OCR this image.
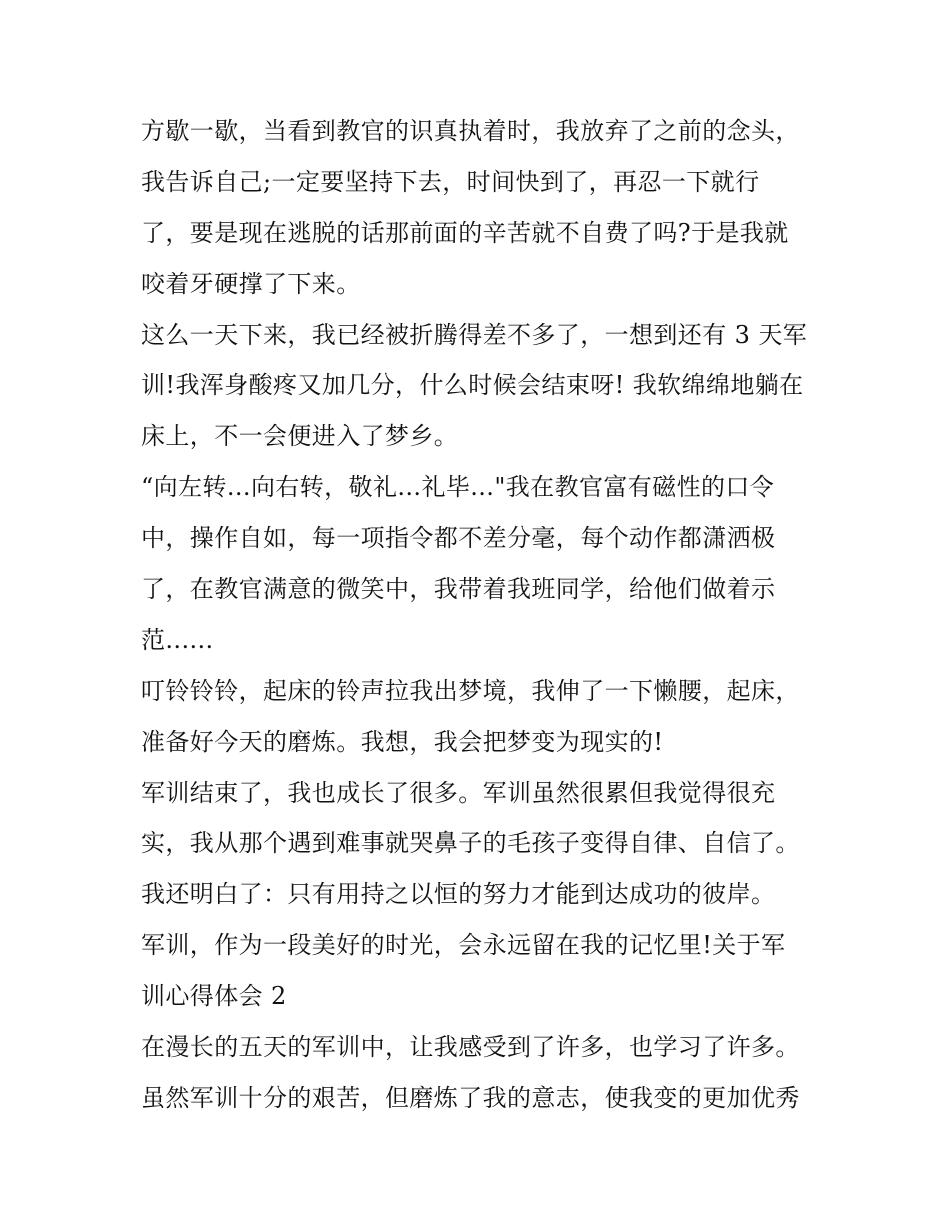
方歇一歇，当看到教官的识真执着时，我放弃了之前的念头，
我告诉自己;一定要坚持下去，时间快到了，再忍一下就行
了，要是现在逃脱的话那前面的辛苦就不自费了吗?于是我就
咬着牙硬撑了下来。
这么一天下来，我已经被折腾得差不多了，一想到还有 3 天军
训!我浑身酸疼又加几分，什么时候会结束呀! 我软绵绵地躺在
床上，不一会便进入了梦乡。
“向左转...向右转，敬礼...礼毕..."我在教官富有磁性的口令
中，操作自如，每一项指令都不差分毫，每个动作都潇洒极
了，在教官满意的微笑中，我带着我班同学，给他们做着示
范......
叮铃铃铃，起床的铃声拉我出梦境，我伸了一下懒腰，起床，
准备好今天的磨炼。我想，我会把梦变为现实的!
军训结束了，我也成长了很多。军训虽然很累但我觉得很充
实，我从那个遇到难事就哭鼻子的毛孩子变得自律、自信了。
我还明白了：只有用持之以恒的努力才能到达成功的彼岸。
军训，作为一段美好的时光，会永远留在我的记忆里!关于军
训心得体会 2
在漫长的五天的军训中，让我感受到了许多，也学习了许多。
虽然军训十分的艰苦，但磨炼了我的意志，使我变的更加优秀
